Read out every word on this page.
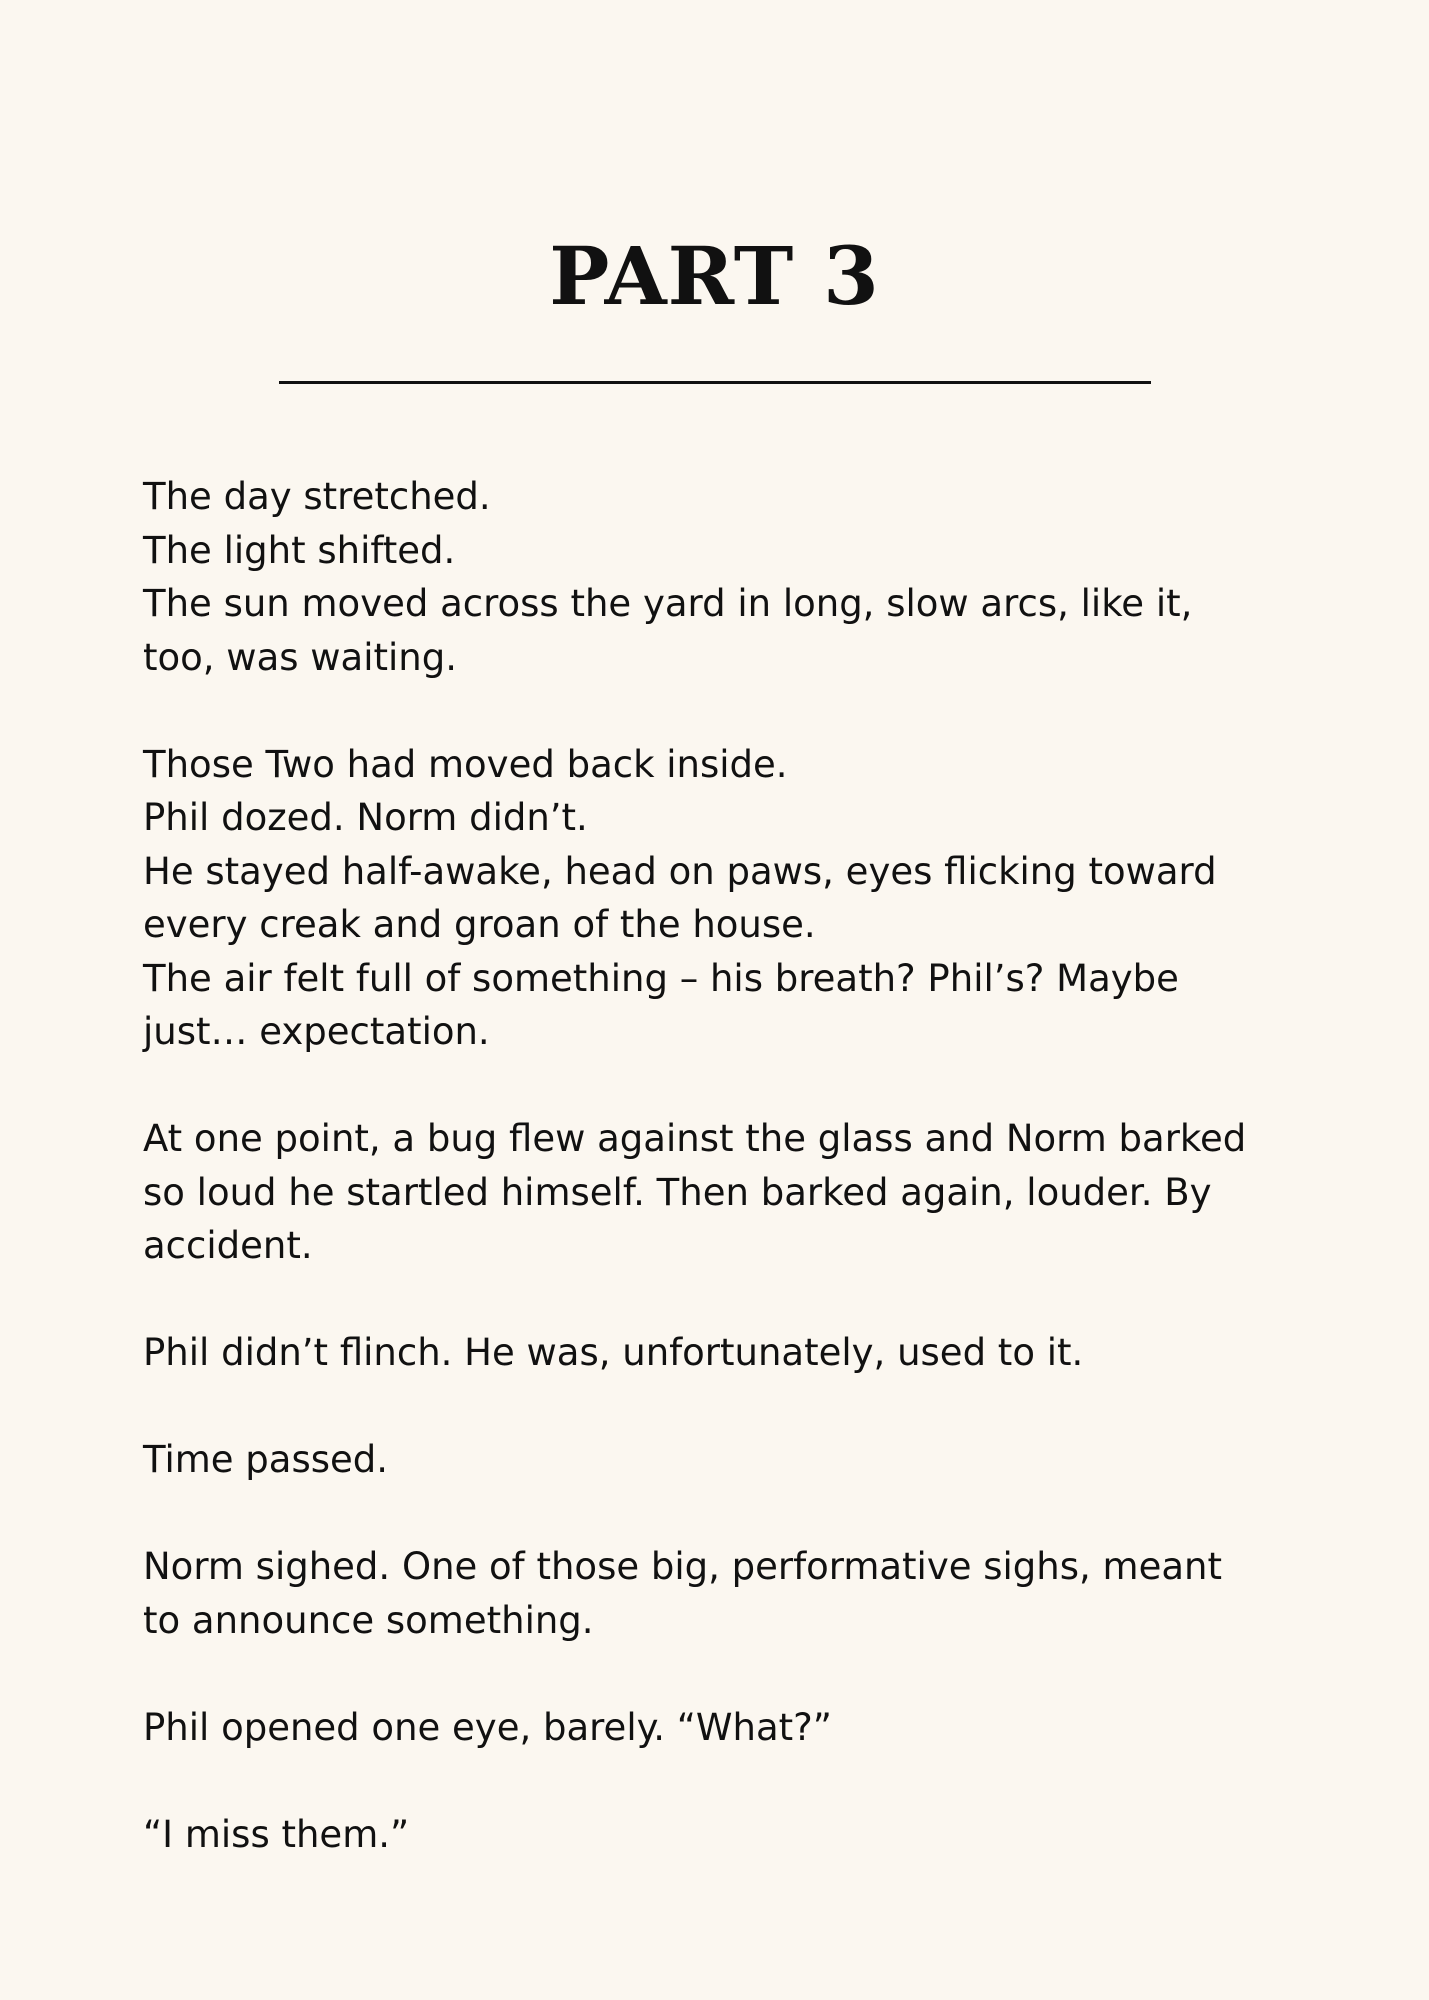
PART 3

The day stretched.
The light shifted.
The sun moved across the yard in long, slow arcs, like it,
too, was waiting.

Those Two had moved back inside.
Phil dozed. Norm didn’t.
He stayed half-awake, head on paws, eyes flicking toward
every creak and groan of the house.
The air felt full of something – his breath? Phil’s? Maybe
just… expectation.

At one point, a bug flew against the glass and Norm barked
so loud he startled himself. Then barked again, louder. By
accident.

Phil didn’t flinch. He was, unfortunately, used to it.

Time passed.

Norm sighed. One of those big, performative sighs, meant
to announce something.

Phil opened one eye, barely. “What?”

“I miss them.”
